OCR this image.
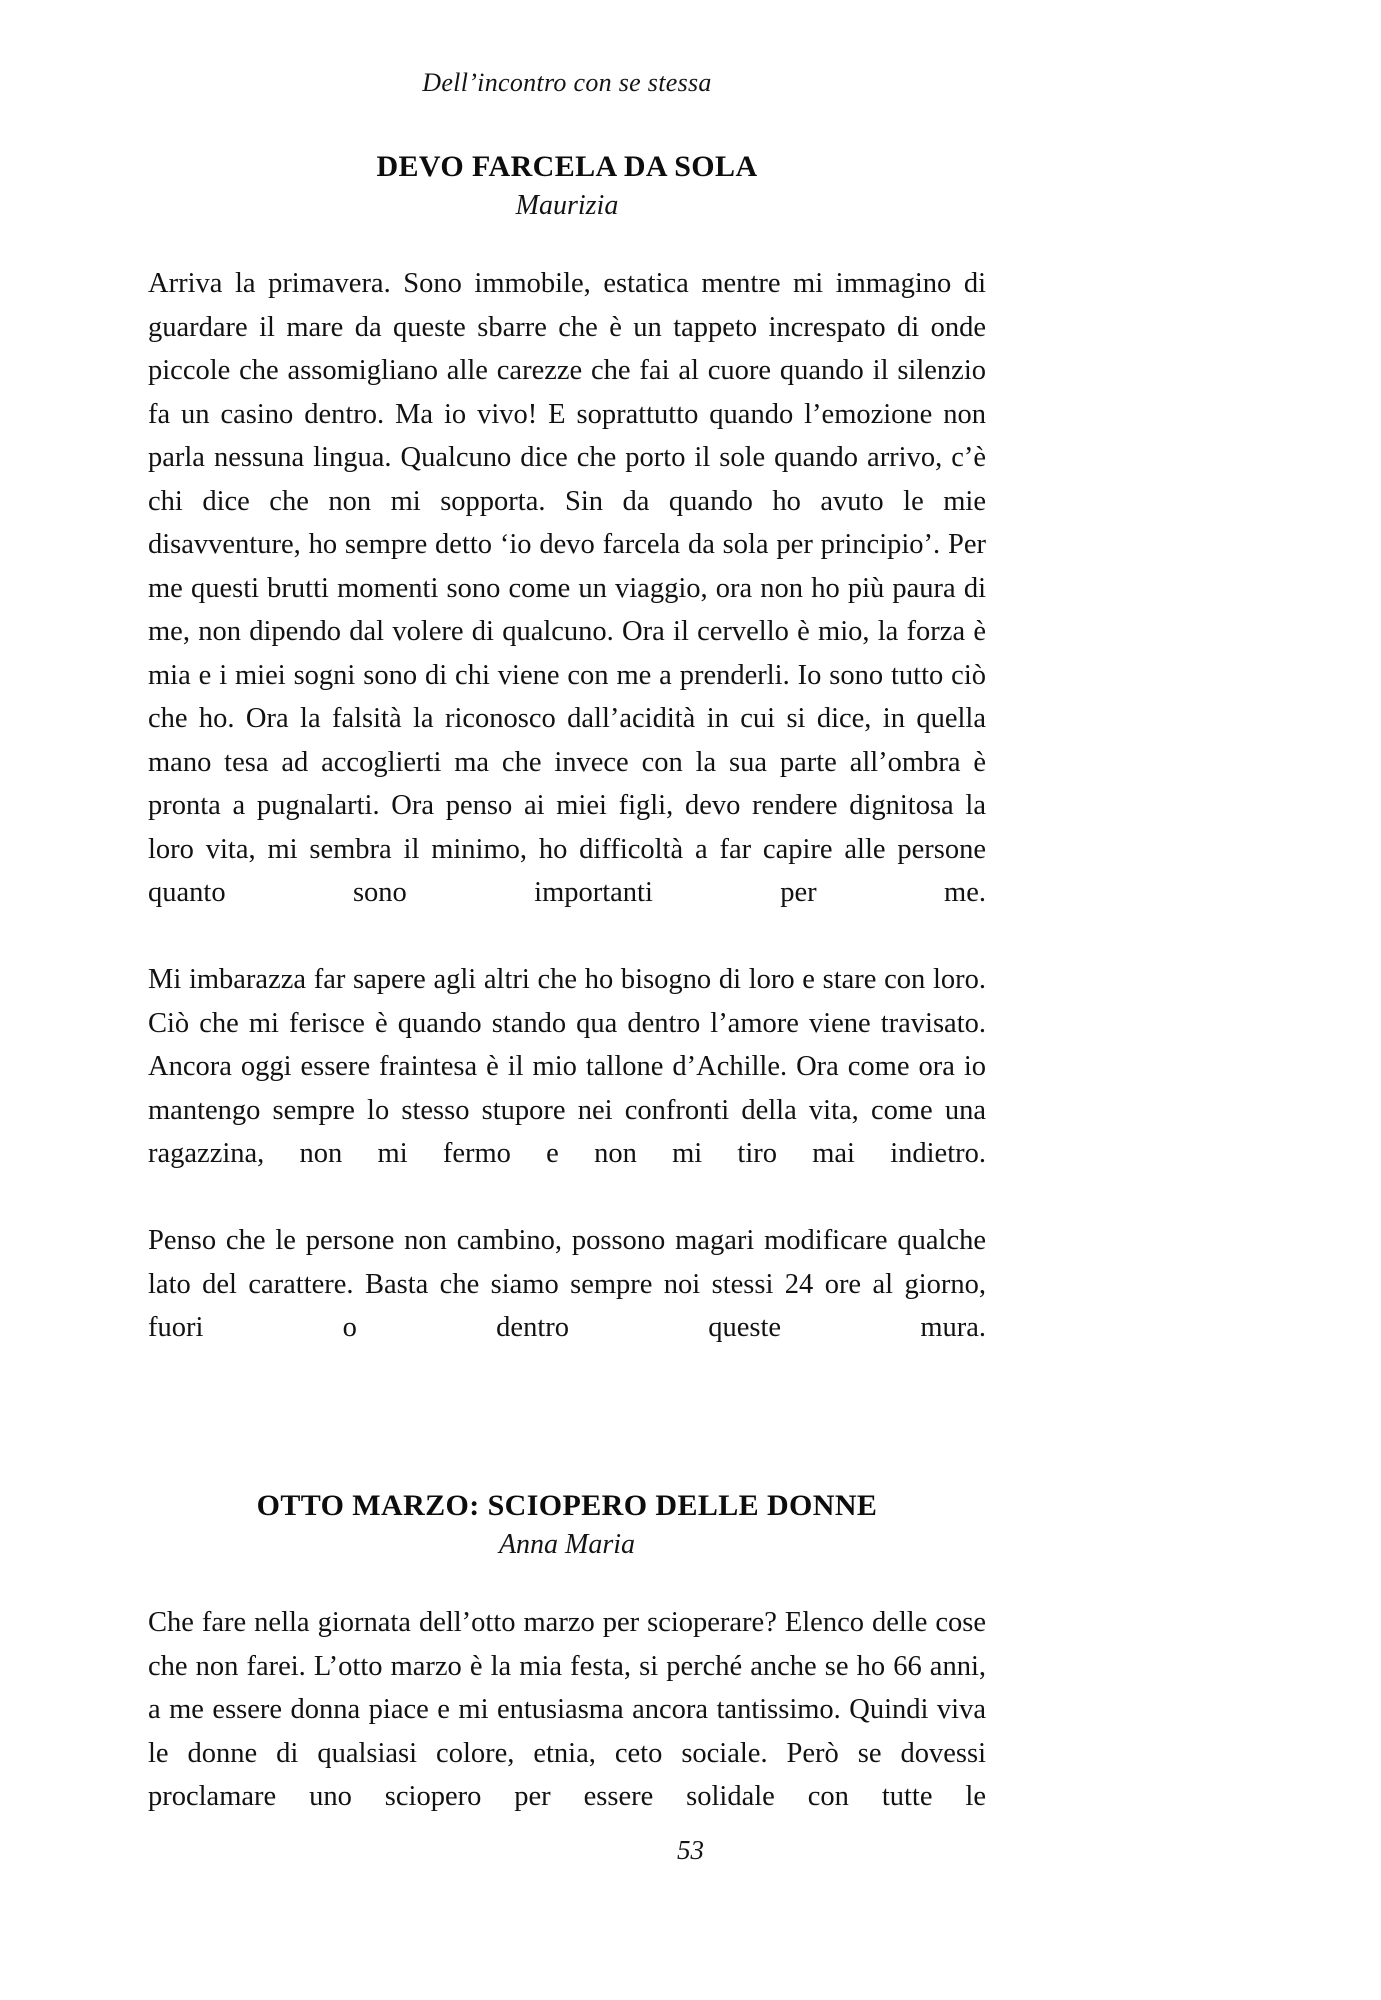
Dell’incontro con se stessa
DEVO FARCELA DA SOLA
Maurizia

Arriva la primavera. Sono immobile, estatica mentre mi immagino di guardare il mare da queste sbarre che è un tappeto increspato di onde piccole che assomigliano alle carezze che fai al cuore quando il silenzio fa un casino dentro. Ma io vivo! E soprattutto quando l’emozione non parla nessuna lingua. Qualcuno dice che porto il sole quando arrivo, c’è chi dice che non mi sopporta. Sin da quando ho avuto le mie disavventure, ho sempre detto ‘io devo farcela da sola per principio’. Per me questi brutti momenti sono come un viaggio, ora non ho più paura di me, non dipendo dal volere di qualcuno. Ora il cervello è mio, la forza è mia e i miei sogni sono di chi viene con me a prenderli. Io sono tutto ciò che ho. Ora la falsità la riconosco dall’acidità in cui si dice, in quella mano tesa ad accoglierti ma che invece con la sua parte all’ombra è pronta a pugnalarti. Ora penso ai miei figli, devo rendere dignitosa la loro vita, mi sembra il minimo, ho difficoltà a far capire alle persone quanto sono importanti per me.

Mi imbarazza far sapere agli altri che ho bisogno di loro e stare con loro. Ciò che mi ferisce è quando stando qua dentro l’amore viene travisato. Ancora oggi essere fraintesa è il mio tallone d’Achille. Ora come ora io mantengo sempre lo stesso stupore nei confronti della vita, come una ragazzina, non mi fermo e non mi tiro mai indietro.

Penso che le persone non cambino, possono magari modificare qualche lato del carattere. Basta che siamo sempre noi stessi 24 ore al giorno, fuori o dentro queste mura.

OTTO MARZO: SCIOPERO DELLE DONNE
Anna Maria

Che fare nella giornata dell’otto marzo per scioperare? Elenco delle cose che non farei. L’otto marzo è la mia festa, si perché anche se ho 66 anni, a me essere donna piace e mi entusiasma ancora tantissimo. Quindi viva le donne di qualsiasi colore, etnia, ceto sociale. Però se dovessi proclamare uno sciopero per essere solidale con tutte le

53
